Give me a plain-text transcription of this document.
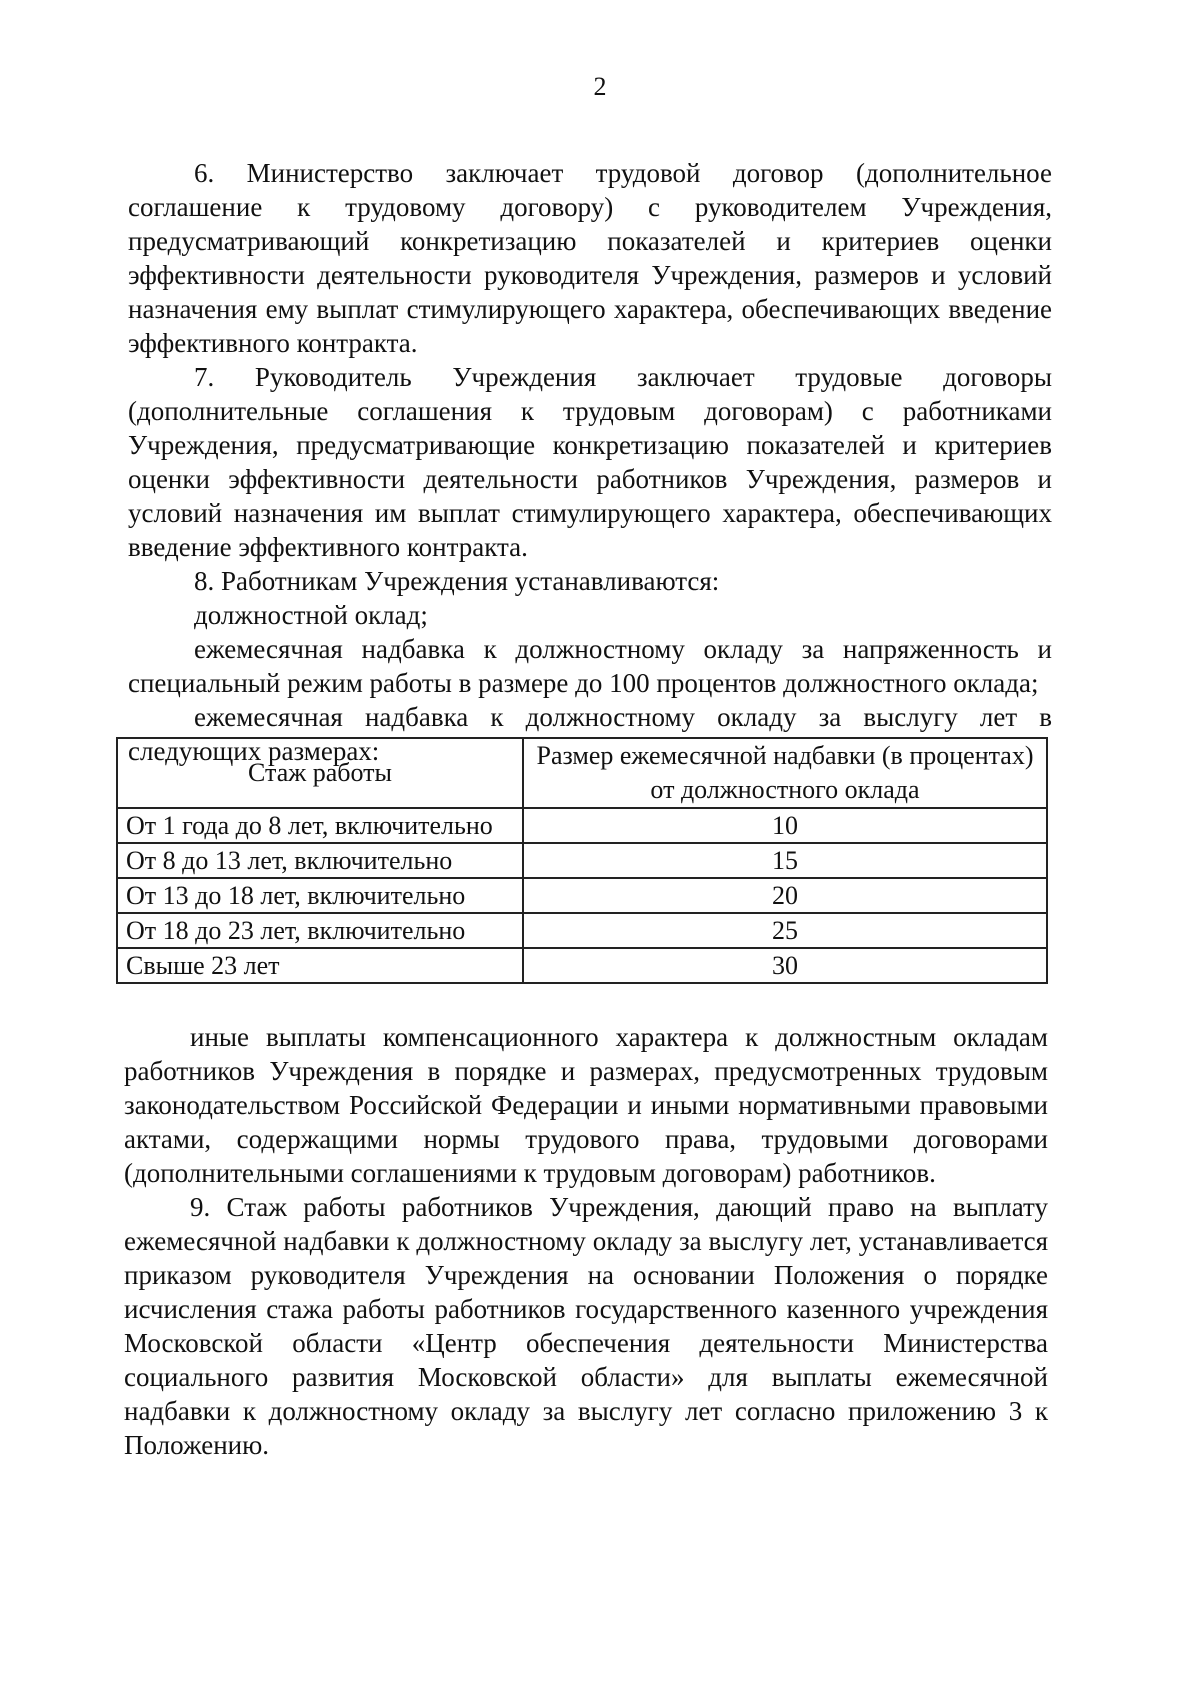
2

6. Министерство заключает трудовой договор (дополнительное соглашение к трудовому договору) с руководителем Учреждения, предусматривающий конкретизацию показателей и критериев оценки эффективности деятельности руководителя Учреждения, размеров и условий назначения ему выплат стимулирующего характера, обеспечивающих введение эффективного контракта.

7. Руководитель Учреждения заключает трудовые договоры (дополнительные соглашения к трудовым договорам) с работниками Учреждения, предусматривающие конкретизацию показателей и критериев оценки эффективности деятельности работников Учреждения, размеров и условий назначения им выплат стимулирующего характера, обеспечивающих введение эффективного контракта.

8. Работникам Учреждения устанавливаются:

должностной оклад;

ежемесячная надбавка к должностному окладу за напряженность и специальный режим работы в размере до 100 процентов должностного оклада;

ежемесячная надбавка к должностному окладу за выслугу лет в следующих размерах:

Стаж работы	Размер ежемесячной надбавки (в процентах) от должностного оклада
От 1 года до 8 лет, включительно	10
От 8 до 13 лет, включительно	15
От 13 до 18 лет, включительно	20
От 18 до 23 лет, включительно	25
Свыше 23 лет	30

иные выплаты компенсационного характера к должностным окладам работников Учреждения в порядке и размерах, предусмотренных трудовым законодательством Российской Федерации и иными нормативными правовыми актами, содержащими нормы трудового права, трудовыми договорами (дополнительными соглашениями к трудовым договорам) работников.

9. Стаж работы работников Учреждения, дающий право на выплату ежемесячной надбавки к должностному окладу за выслугу лет, устанавливается приказом руководителя Учреждения на основании Положения о порядке исчисления стажа работы работников государственного казенного учреждения Московской области «Центр обеспечения деятельности Министерства социального развития Московской области» для выплаты ежемесячной надбавки к должностному окладу за выслугу лет согласно приложению 3 к Положению.
